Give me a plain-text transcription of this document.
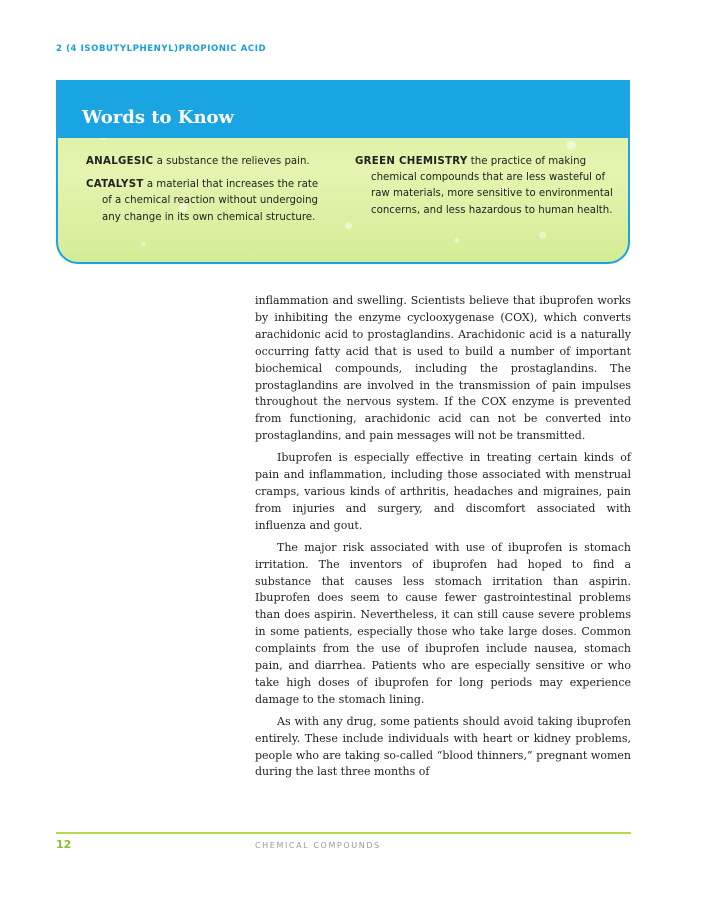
2 (4 ISOBUTYLPHENYL)PROPIONIC ACID
Words to Know

ANALGESIC a substance the relieves pain.

CATALYST a material that increases the rate of a chemical reaction without undergoing any change in its own chemical structure.

GREEN CHEMISTRY the practice of making chemical compounds that are less wasteful of raw materials, more sensitive to environmental concerns, and less hazardous to human health.

inflammation and swelling. Scientists believe that ibuprofen works by inhibiting the enzyme cyclooxygenase (COX), which converts arachidonic acid to prostaglandins. Arachidonic acid is a naturally occurring fatty acid that is used to build a number of important biochemical compounds, including the prostaglandins. The prostaglandins are involved in the transmission of pain impulses throughout the nervous system. If the COX enzyme is prevented from functioning, arachidonic acid can not be converted into prostaglandins, and pain messages will not be transmitted.

Ibuprofen is especially effective in treating certain kinds of pain and inflammation, including those associated with menstrual cramps, various kinds of arthritis, headaches and migraines, pain from injuries and surgery, and discomfort associated with influenza and gout.

The major risk associated with use of ibuprofen is stomach irritation. The inventors of ibuprofen had hoped to find a substance that causes less stomach irritation than aspirin. Ibuprofen does seem to cause fewer gastrointestinal problems than does aspirin. Nevertheless, it can still cause severe problems in some patients, especially those who take large doses. Common complaints from the use of ibuprofen include nausea, stomach pain, and diarrhea. Patients who are especially sensitive or who take high doses of ibuprofen for long periods may experience damage to the stomach lining.

As with any drug, some patients should avoid taking ibuprofen entirely. These include individuals with heart or kidney problems, people who are taking so-called “blood thinners,” pregnant women during the last three months of

12	CHEMICAL COMPOUNDS
